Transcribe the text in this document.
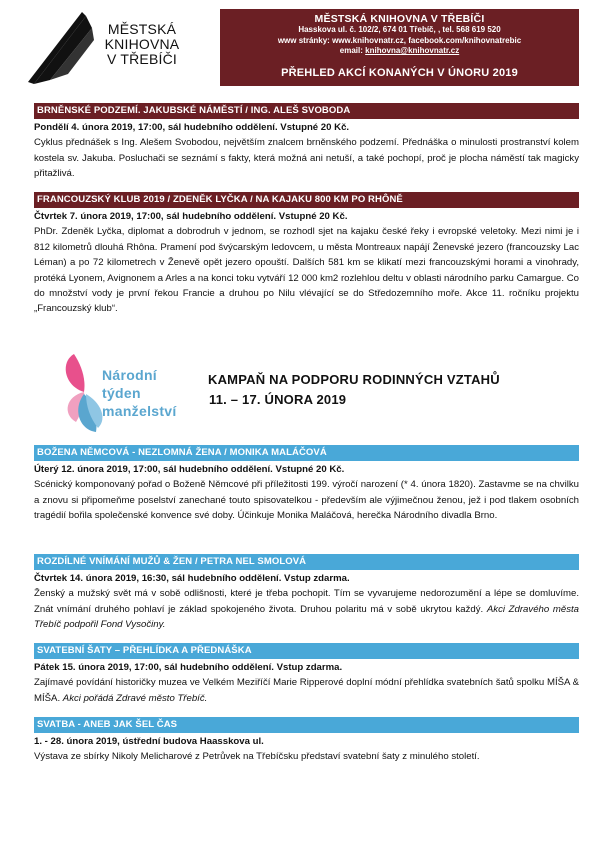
MĚSTSKÁ
KNIHOVNA
V TŘEBÍČI
MĚSTSKÁ KNIHOVNA V TŘEBÍČI
Hasskova ul. č. 102/2, 674 01 Třebíč, , tel. 568 619 520
www stránky: www.knihovnatr.cz, facebook.com/knihovnatrebic
email: knihovna@knihovnatr.cz
PŘEHLED AKCÍ KONANÝCH V ÚNORU 2019
BRNĚNSKÉ PODZEMÍ. JAKUBSKÉ NÁMĚSTÍ / ING. ALEŠ SVOBODA
Pondělí 4. února 2019, 17:00, sál hudebního oddělení. Vstupné 20 Kč.
Cyklus přednášek s Ing. Alešem Svobodou, největším znalcem brněnského podzemí. Přednáška o minulosti prostranství kolem kostela sv. Jakuba. Posluchači se seznámí s fakty, která možná ani netuší, a také pochopí, proč je plocha náměstí tak magicky přitažlivá.
FRANCOUZSKÝ KLUB 2019 / ZDENĚK LYČKA / NA KAJAKU 800 KM PO RHÔNĚ
Čtvrtek 7. února 2019, 17:00, sál hudebního oddělení. Vstupné 20 Kč.
PhDr. Zdeněk Lyčka, diplomat a dobrodruh v jednom, se rozhodl sjet na kajaku české řeky i evropské veletoky. Mezi nimi je i 812 kilometrů dlouhá Rhôna. Pramení pod švýcarským ledovcem, u města Montreaux napájí Ženevské jezero (francouzsky Lac Léman) a po 72 kilometrech v Ženevě opět jezero opouští. Dalších 581 km se klikatí mezi francouzskými horami a vinohrady, protéká Lyonem, Avignonem a Arles a na konci toku vytváří 12 000 km2 rozlehlou deltu v oblasti národního parku Camargue. Co do množství vody je první řekou Francie a druhou po Nilu vlévající se do Středozemního moře. Akce 11. ročníku projektu „Francouzský klub“.
Národní
týden
manželství
KAMPAŇ NA PODPORU RODINNÝCH VZTAHŮ
11. – 17. ÚNORA 2019
BOŽENA NĚMCOVÁ - NEZLOMNÁ ŽENA / MONIKA MALÁČOVÁ
Úterý 12. února 2019, 17:00, sál hudebního oddělení. Vstupné 20 Kč.
Scénický komponovaný pořad o Boženě Němcové při příležitosti 199. výročí narození (* 4. února 1820). Zastavme se na chvilku a znovu si připomeňme poselství zanechané touto spisovatelkou - především ale výjimečnou ženou, jež i pod tlakem osobních tragédií bořila společenské konvence své doby. Účinkuje Monika Maláčová, herečka Národního divadla Brno.
ROZDÍLNÉ VNÍMÁNÍ MUŽŮ & ŽEN / PETRA NEL SMOLOVÁ
Čtvrtek 14. února 2019, 16:30, sál hudebního oddělení. Vstup zdarma.
Ženský a mužský svět má v sobě odlišnosti, které je třeba pochopit. Tím se vyvarujeme nedorozumění a lépe se domluvíme. Znát vnímání druhého pohlaví je základ spokojeného života. Druhou polaritu má v sobě ukrytou každý. Akci Zdravého města Třebíč podpořil Fond Vysočiny.
SVATEBNÍ ŠATY – PŘEHLÍDKA A PŘEDNÁŠKA
Pátek 15. února 2019, 17:00, sál hudebního oddělení. Vstup zdarma.
Zajímavé povídání historičky muzea ve Velkém Meziříčí Marie Ripperové doplní módní přehlídka svatebních šatů spolku MÍŠA & MÍŠA. Akci pořádá Zdravé město Třebíč.
SVATBA - ANEB JAK ŠEL ČAS
1. - 28. února 2019, ústřední budova Haasskova ul.
Výstava ze sbírky Nikoly Melicharové z Petrůvek na Třebíčsku představí svatební šaty z minulého století.
